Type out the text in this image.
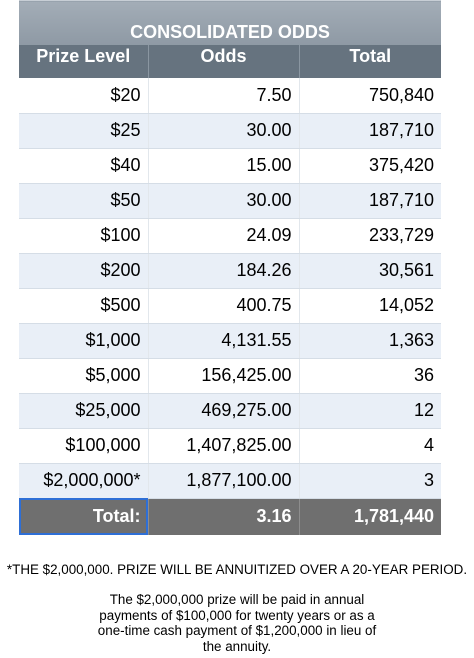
CONSOLIDATED ODDS		
Prize Level	Odds	Total
$20	7.50	750,840
$25	30.00	187,710
$40	15.00	375,420
$50	30.00	187,710
$100	24.09	233,729
$200	184.26	30,561
$500	400.75	14,052
$1,000	4,131.55	1,363
$5,000	156,425.00	36
$25,000	469,275.00	12
$100,000	1,407,825.00	4
$2,000,000*	1,877,100.00	3
Total:	3.16	1,781,440

*THE $2,000,000. PRIZE WILL BE ANNUITIZED OVER A 20-YEAR PERIOD.

The $2,000,000 prize will be paid in annual payments of $100,000 for twenty years or as a one-time cash payment of $1,200,000 in lieu of the annuity.
